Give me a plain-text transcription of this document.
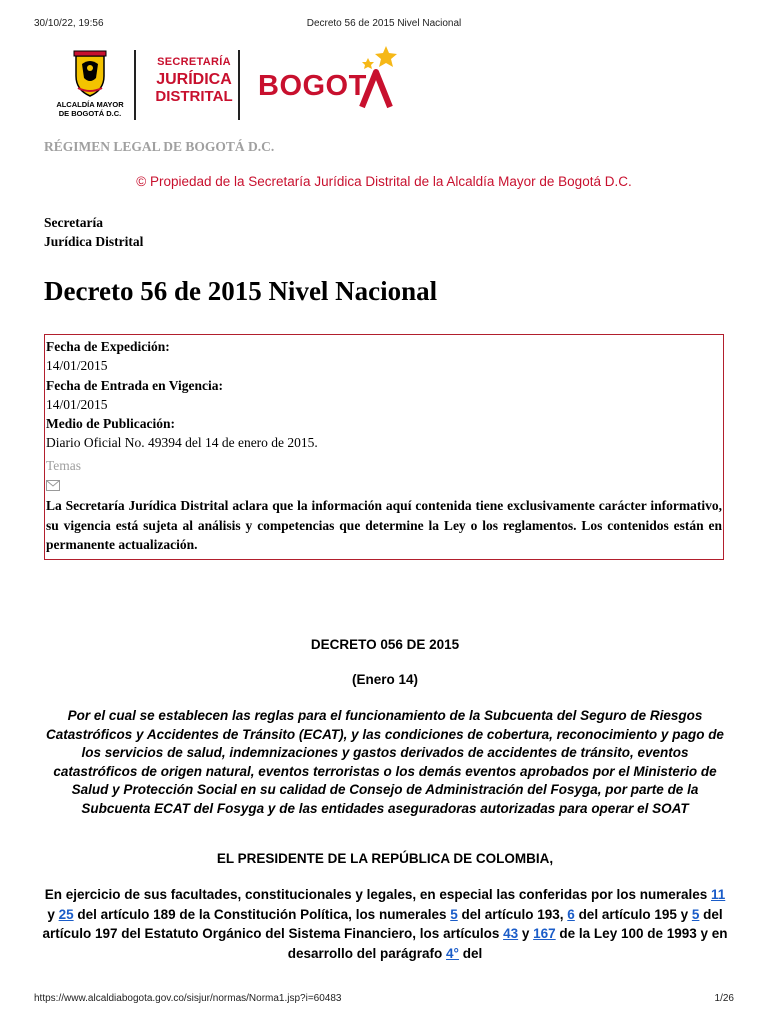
30/10/22, 19:56	Decreto 56 de 2015 Nivel Nacional
ALCALDÍA MAYOR
DE BOGOTÁ D.C.
SECRETARÍA
JURÍDICA
DISTRITAL BOGOT
RÉGIMEN LEGAL DE BOGOTÁ D.C.
© Propiedad de la Secretaría Jurídica Distrital de la Alcaldía Mayor de Bogotá D.C.
Secretaría
Jurídica Distrital
Decreto 56 de 2015 Nivel Nacional
Fecha de Expedición:
14/01/2015
Fecha de Entrada en Vigencia:
14/01/2015
Medio de Publicación:
Diario Oficial No. 49394 del 14 de enero de 2015.
Temas
La Secretaría Jurídica Distrital aclara que la información aquí contenida tiene exclusivamente carácter informativo, su vigencia está sujeta al análisis y competencias que determine la Ley o los reglamentos. Los contenidos están en permanente actualización.
DECRETO 056 DE 2015
(Enero 14)
Por el cual se establecen las reglas para el funcionamiento de la Subcuenta del Seguro de Riesgos Catastróficos y Accidentes de Tránsito (ECAT), y las condiciones de cobertura, reconocimiento y pago de los servicios de salud, indemnizaciones y gastos derivados de accidentes de tránsito, eventos catastróficos de origen natural, eventos terroristas o los demás eventos aprobados por el Ministerio de Salud y Protección Social en su calidad de Consejo de Administración del Fosyga, por parte de la Subcuenta ECAT del Fosyga y de las entidades aseguradoras autorizadas para operar el SOAT
EL PRESIDENTE DE LA REPÚBLICA DE COLOMBIA,
En ejercicio de sus facultades, constitucionales y legales, en especial las conferidas por los numerales 11 y 25 del artículo 189 de la Constitución Política, los numerales 5 del artículo 193, 6 del artículo 195 y 5 del artículo 197 del Estatuto Orgánico del Sistema Financiero, los artículos 43 y 167 de la Ley 100 de 1993 y en desarrollo del parágrafo 4° del
https://www.alcaldiabogota.gov.co/sisjur/normas/Norma1.jsp?i=60483	1/26
